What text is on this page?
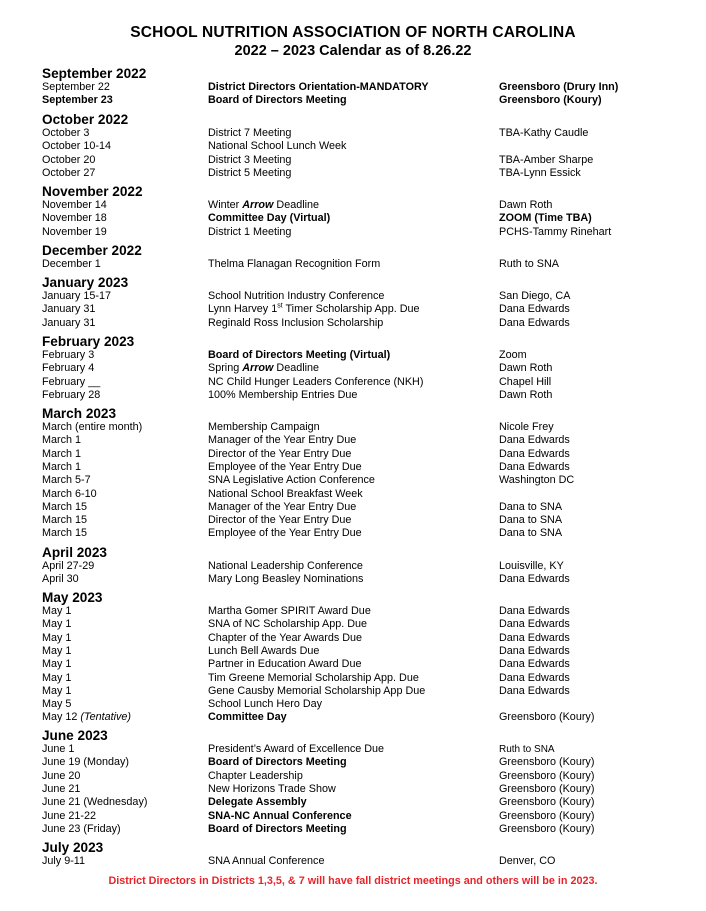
SCHOOL NUTRITION ASSOCIATION OF NORTH CAROLINA
2022 – 2023 Calendar as of 8.26.22
September 2022
September 22	District Directors Orientation-MANDATORY	Greensboro (Drury Inn)
September 23	Board of Directors Meeting	Greensboro (Koury)
October 2022
October 3	District 7 Meeting	TBA-Kathy Caudle
October 10-14	National School Lunch Week
October 20	District 3 Meeting	TBA-Amber Sharpe
October 27	District 5 Meeting	TBA-Lynn Essick
November 2022
November 14	Winter Arrow Deadline	Dawn Roth
November 18	Committee Day (Virtual)	ZOOM (Time TBA)
November 19	District 1 Meeting	PCHS-Tammy Rinehart
December 2022
December 1	Thelma Flanagan Recognition Form	Ruth to SNA
January 2023
January 15-17	School Nutrition Industry Conference	San Diego, CA
January 31	Lynn Harvey 1st Timer Scholarship App. Due	Dana Edwards
January 31	Reginald Ross Inclusion Scholarship	Dana Edwards
February 2023
February 3	Board of Directors Meeting (Virtual)	Zoom
February 4	Spring Arrow Deadline	Dawn Roth
February __	NC Child Hunger Leaders Conference (NKH)	Chapel Hill
February 28	100% Membership Entries Due	Dawn Roth
March 2023
March (entire month)	Membership Campaign	Nicole Frey
March 1	Manager of the Year Entry Due	Dana Edwards
March 1	Director of the Year Entry Due	Dana Edwards
March 1	Employee of the Year Entry Due	Dana Edwards
March 5-7	SNA Legislative Action Conference	Washington DC
March 6-10	National School Breakfast Week
March 15	Manager of the Year Entry Due	Dana to SNA
March 15	Director of the Year Entry Due	Dana to SNA
March 15	Employee of the Year Entry Due	Dana to SNA
April 2023
April 27-29	National Leadership Conference	Louisville, KY
April 30	Mary Long Beasley Nominations	Dana Edwards
May 2023
May 1	Martha Gomer SPIRIT Award Due	Dana Edwards
May 1	SNA of NC Scholarship App. Due	Dana Edwards
May 1	Chapter of the Year Awards Due	Dana Edwards
May 1	Lunch Bell Awards Due	Dana Edwards
May 1	Partner in Education Award Due	Dana Edwards
May 1	Tim Greene Memorial Scholarship App. Due	Dana Edwards
May 1	Gene Causby Memorial Scholarship App Due	Dana Edwards
May 5	School Lunch Hero Day
May 12 (Tentative)	Committee Day	Greensboro (Koury)
June 2023
June 1	President’s Award of Excellence Due	Ruth to SNA
June 19 (Monday)	Board of Directors Meeting	Greensboro (Koury)
June 20	Chapter Leadership	Greensboro (Koury)
June 21	New Horizons Trade Show	Greensboro (Koury)
June 21 (Wednesday)	Delegate Assembly	Greensboro (Koury)
June 21-22	SNA-NC Annual Conference	Greensboro (Koury)
June 23 (Friday)	Board of Directors Meeting	Greensboro (Koury)
July 2023
July 9-11	SNA Annual Conference	Denver, CO
District Directors in Districts 1,3,5, & 7 will have fall district meetings and others will be in 2023.
